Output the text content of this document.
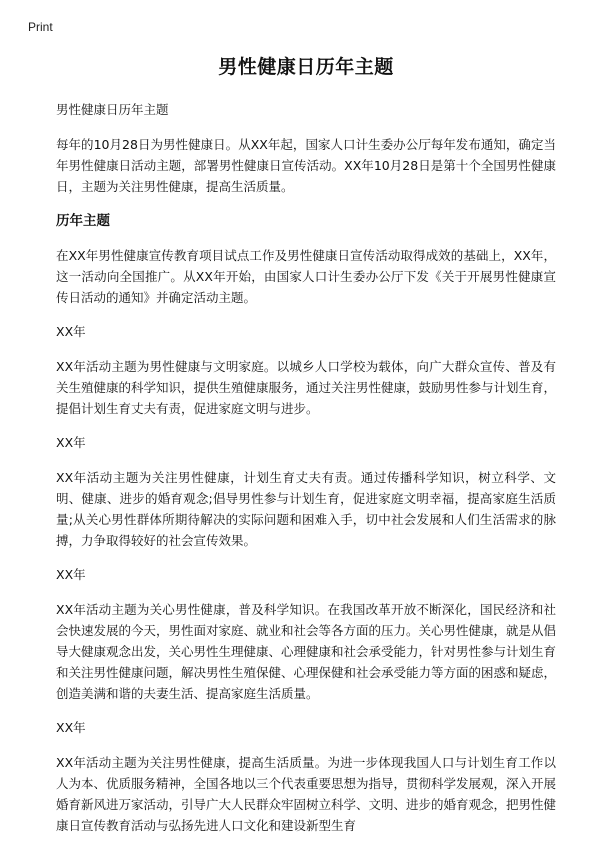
Print
男性健康日历年主题

男性健康日历年主题

每年的10月28日为男性健康日。从XX年起，国家人口计生委办公厅每年发布通知，确定当年男性健康日活动主题，部署男性健康日宣传活动。XX年10月28日是第十个全国男性健康日，主题为关注男性健康，提高生活质量。

历年主题

在XX年男性健康宣传教育项目试点工作及男性健康日宣传活动取得成效的基础上，XX年，这一活动向全国推广。从XX年开始，由国家人口计生委办公厅下发《关于开展男性健康宣传日活动的通知》并确定活动主题。

XX年

XX年活动主题为男性健康与文明家庭。以城乡人口学校为载体，向广大群众宣传、普及有关生殖健康的科学知识，提供生殖健康服务，通过关注男性健康，鼓励男性参与计划生育，提倡计划生育丈夫有责，促进家庭文明与进步。

XX年

XX年活动主题为关注男性健康，计划生育丈夫有责。通过传播科学知识，树立科学、文明、健康、进步的婚育观念;倡导男性参与计划生育，促进家庭文明幸福，提高家庭生活质量;从关心男性群体所期待解决的实际问题和困难入手，切中社会发展和人们生活需求的脉搏，力争取得较好的社会宣传效果。

XX年

XX年活动主题为关心男性健康，普及科学知识。在我国改革开放不断深化，国民经济和社会快速发展的今天，男性面对家庭、就业和社会等各方面的压力。关心男性健康，就是从倡导大健康观念出发，关心男性生理健康、心理健康和社会承受能力，针对男性参与计划生育和关注男性健康问题，解决男性生殖保健、心理保健和社会承受能力等方面的困惑和疑虑，创造美满和谐的夫妻生活、提高家庭生活质量。

XX年

XX年活动主题为关注男性健康，提高生活质量。为进一步体现我国人口与计划生育工作以人为本、优质服务精神，全国各地以三个代表重要思想为指导，贯彻科学发展观，深入开展婚育新风进万家活动，引导广大人民群众牢固树立科学、文明、进步的婚育观念，把男性健康日宣传教育活动与弘扬先进人口文化和建设新型生育
